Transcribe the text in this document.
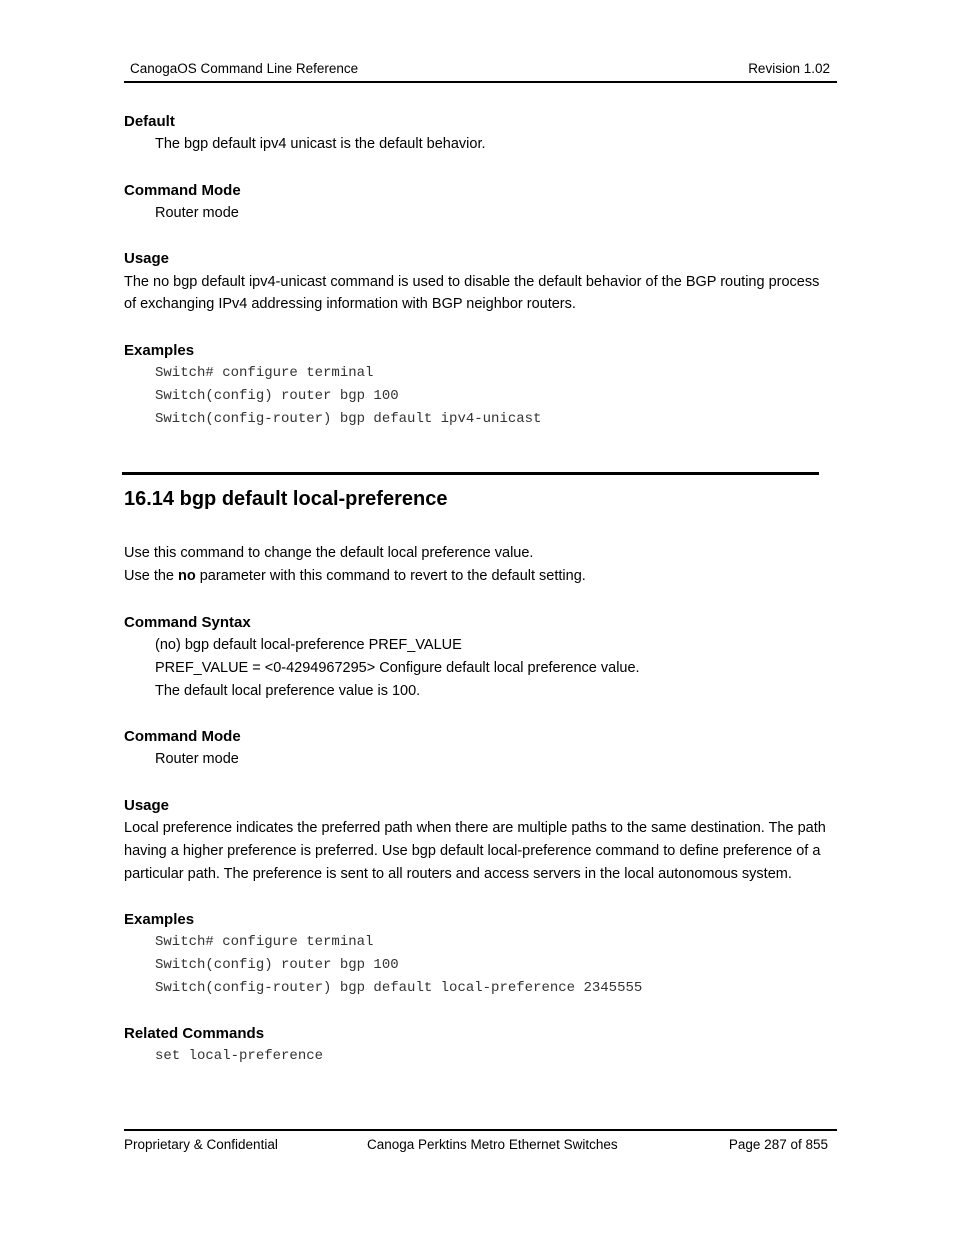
CanogaOS Command Line Reference	Revision 1.02
Default
The bgp default ipv4 unicast is the default behavior.
Command Mode
Router mode
Usage
The no bgp default ipv4-unicast command is used to disable the default behavior of the BGP routing process
of exchanging IPv4 addressing information with BGP neighbor routers.
Examples
Switch# configure terminal
Switch(config) router bgp 100
Switch(config-router) bgp default ipv4-unicast
16.14 bgp default local-preference
Use this command to change the default local preference value.
Use the no parameter with this command to revert to the default setting.
Command Syntax
(no) bgp default local-preference PREF_VALUE
PREF_VALUE = <0-4294967295> Configure default local preference value.
The default local preference value is 100.
Command Mode
Router mode
Usage
Local preference indicates the preferred path when there are multiple paths to the same destination. The path
having a higher preference is preferred. Use bgp default local-preference command to define preference of a
particular path. The preference is sent to all routers and access servers in the local autonomous system.
Examples
Switch# configure terminal
Switch(config) router bgp 100
Switch(config-router) bgp default local-preference 2345555
Related Commands
set local-preference
Proprietary & Confidential	Canoga Perktins Metro Ethernet Switches	Page 287 of 855
